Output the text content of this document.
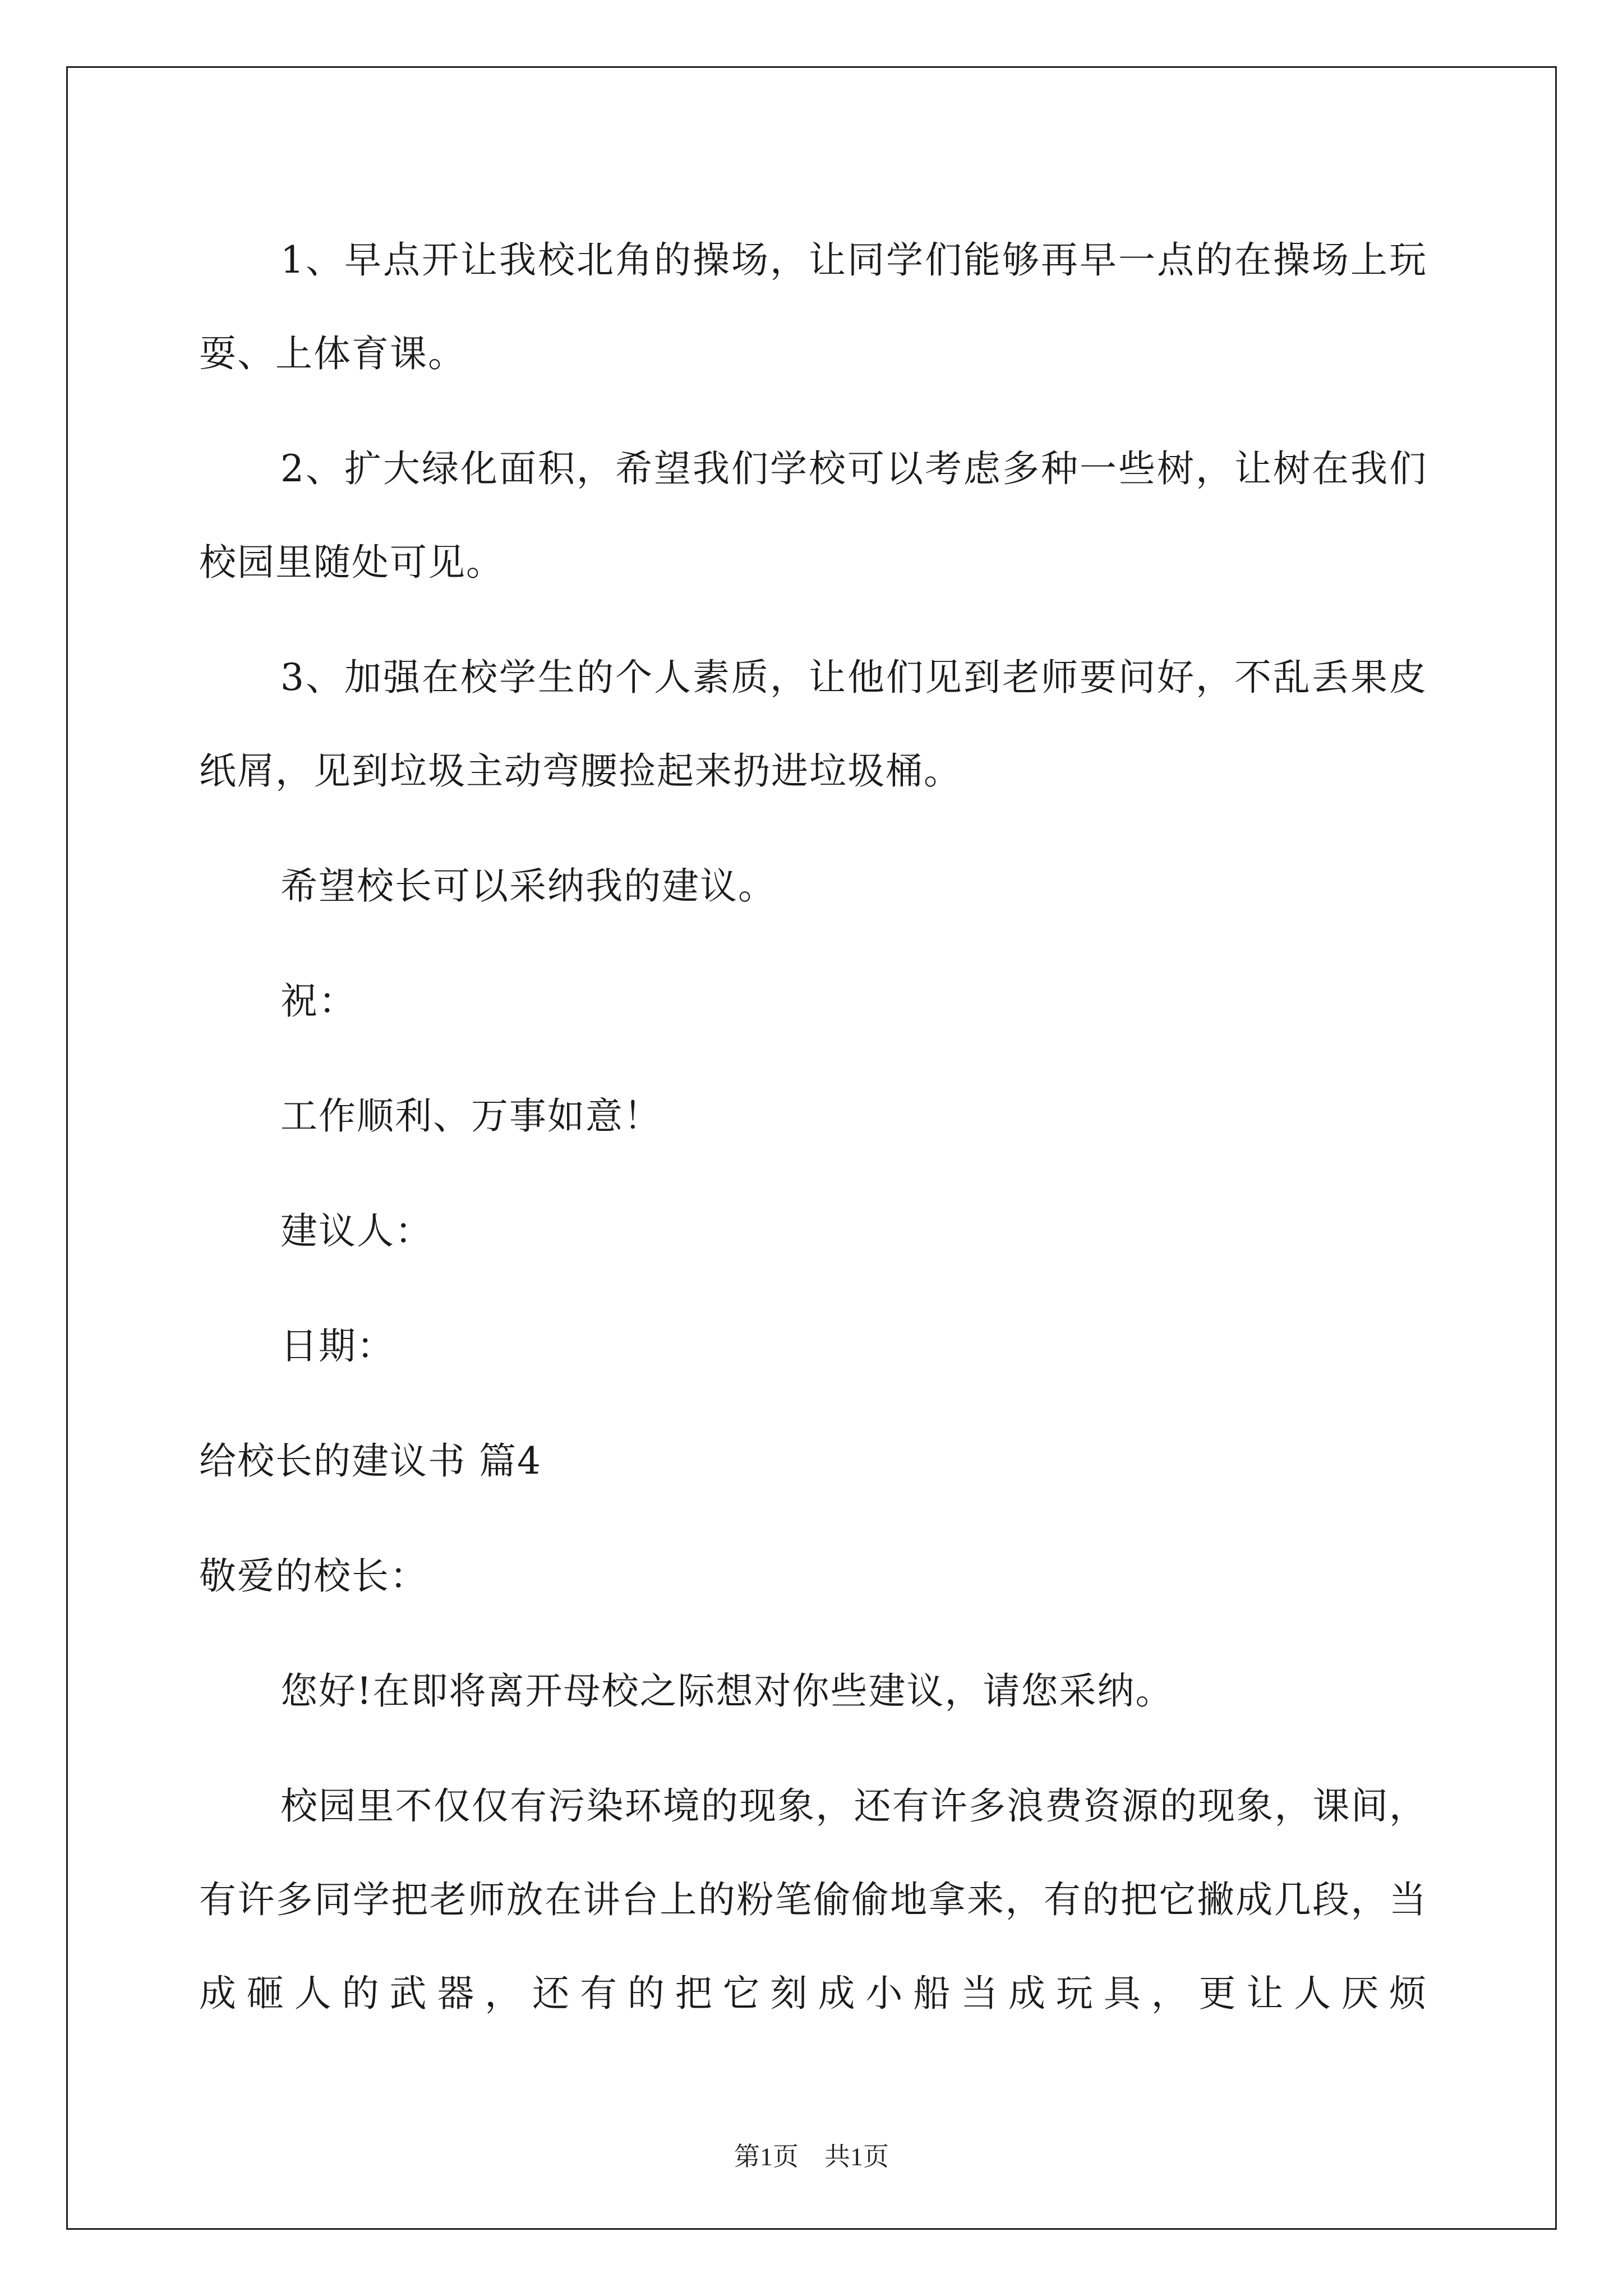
1、早点开让我校北角的操场，让同学们能够再早一点的在操场上玩耍、上体育课。

2、扩大绿化面积，希望我们学校可以考虑多种一些树，让树在我们校园里随处可见。

3、加强在校学生的个人素质，让他们见到老师要问好，不乱丢果皮纸屑，见到垃圾主动弯腰捡起来扔进垃圾桶。

希望校长可以采纳我的建议。

祝：

工作顺利、万事如意！

建议人：

日期：

给校长的建议书 篇4

敬爱的校长：

您好!在即将离开母校之际想对你些建议，请您采纳。

校园里不仅仅有污染环境的现象，还有许多浪费资源的现象，课间，有许多同学把老师放在讲台上的粉笔偷偷地拿来，有的把它撇成几段，当成砸人的武器，还有的把它刻成小船当成玩具，更让人厌烦

第1页　共1页
